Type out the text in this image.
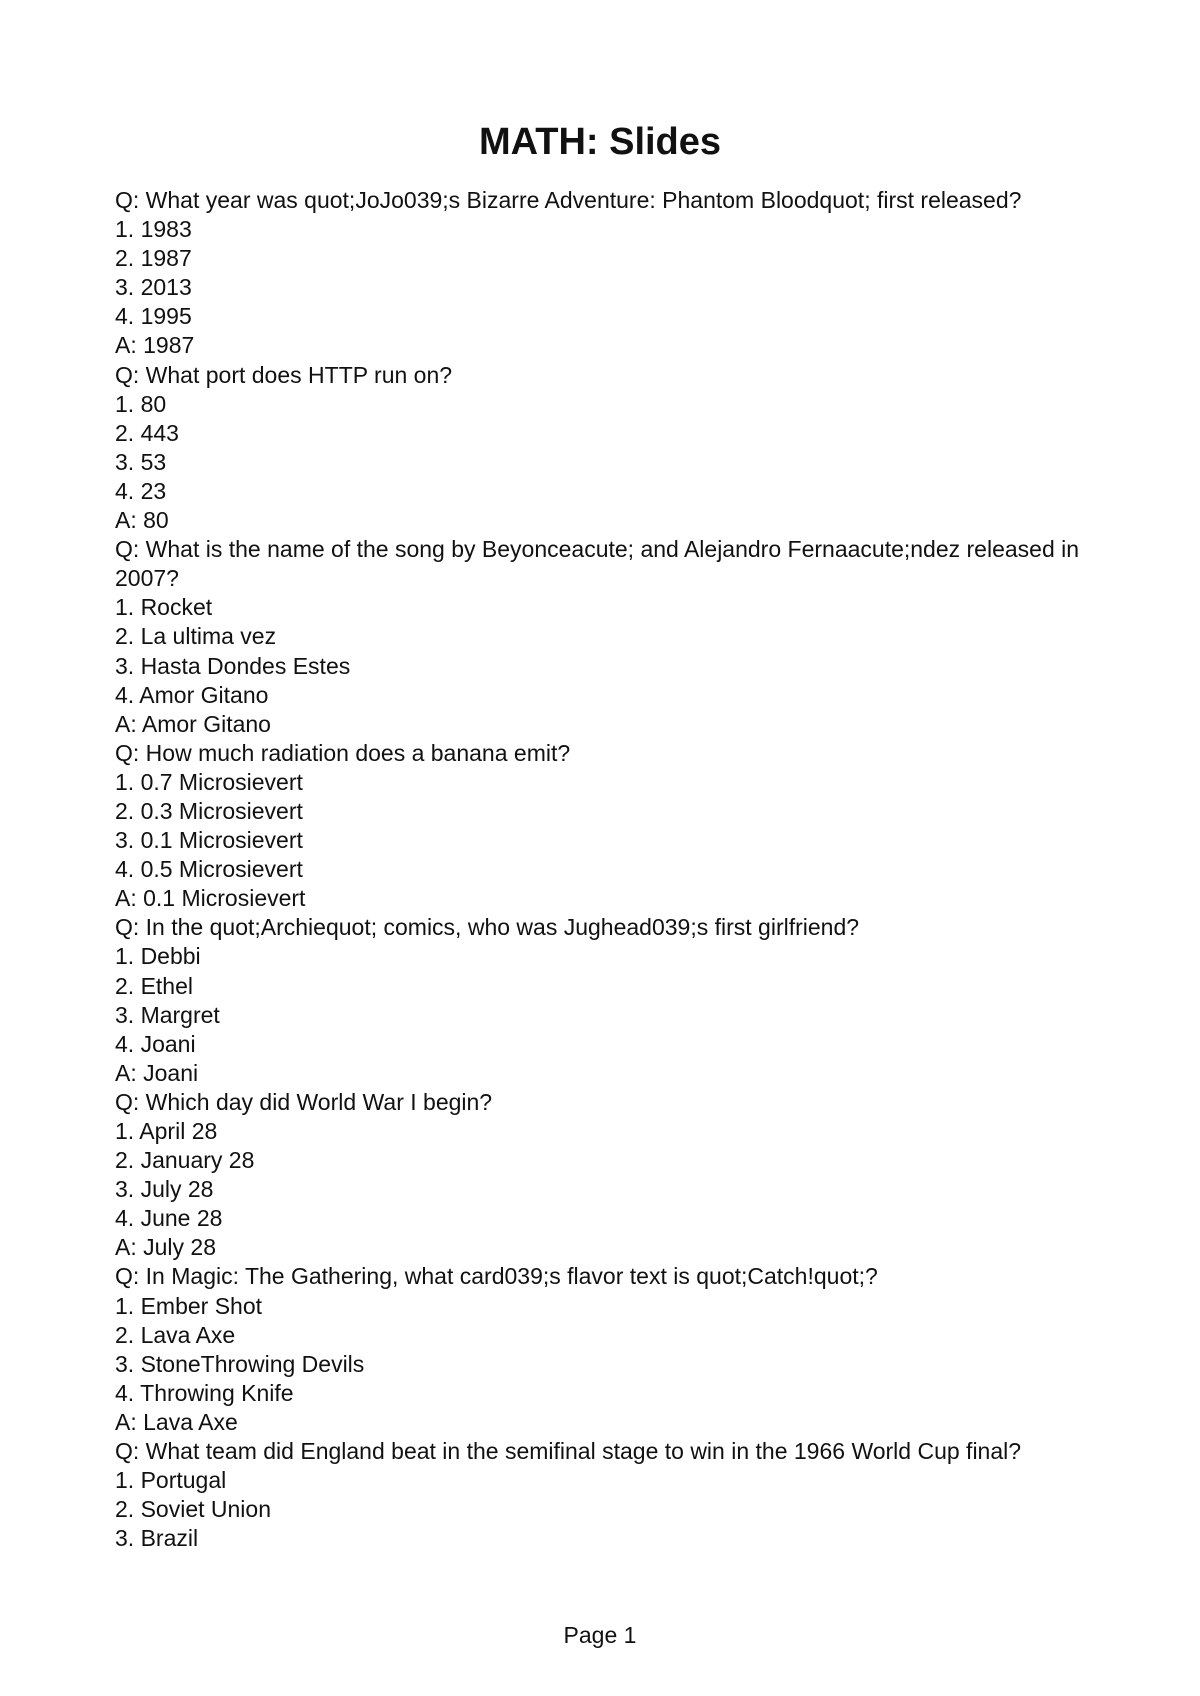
MATH: Slides
Q: What year was quot;JoJo039;s Bizarre Adventure: Phantom Bloodquot; first released?
1. 1983
2. 1987
3. 2013
4. 1995
A: 1987
Q: What port does HTTP run on?
1. 80
2. 443
3. 53
4. 23
A: 80
Q: What is the name of the song by Beyonceacute; and Alejandro Fernaacute;ndez released in 2007?
1. Rocket
2. La ultima vez
3. Hasta Dondes Estes
4. Amor Gitano
A: Amor Gitano
Q: How much radiation does a banana emit?
1. 0.7 Microsievert
2. 0.3 Microsievert
3. 0.1 Microsievert
4. 0.5 Microsievert
A: 0.1 Microsievert
Q: In the quot;Archiequot; comics, who was Jughead039;s first girlfriend?
1. Debbi
2. Ethel
3. Margret
4. Joani
A: Joani
Q: Which day did World War I begin?
1. April 28
2. January 28
3. July 28
4. June 28
A: July 28
Q: In Magic: The Gathering, what card039;s flavor text is quot;Catch!quot;?
1. Ember Shot
2. Lava Axe
3. StoneThrowing Devils
4. Throwing Knife
A: Lava Axe
Q: What team did England beat in the semifinal stage to win in the 1966 World Cup final?
1. Portugal
2. Soviet Union
3. Brazil
Page 1
